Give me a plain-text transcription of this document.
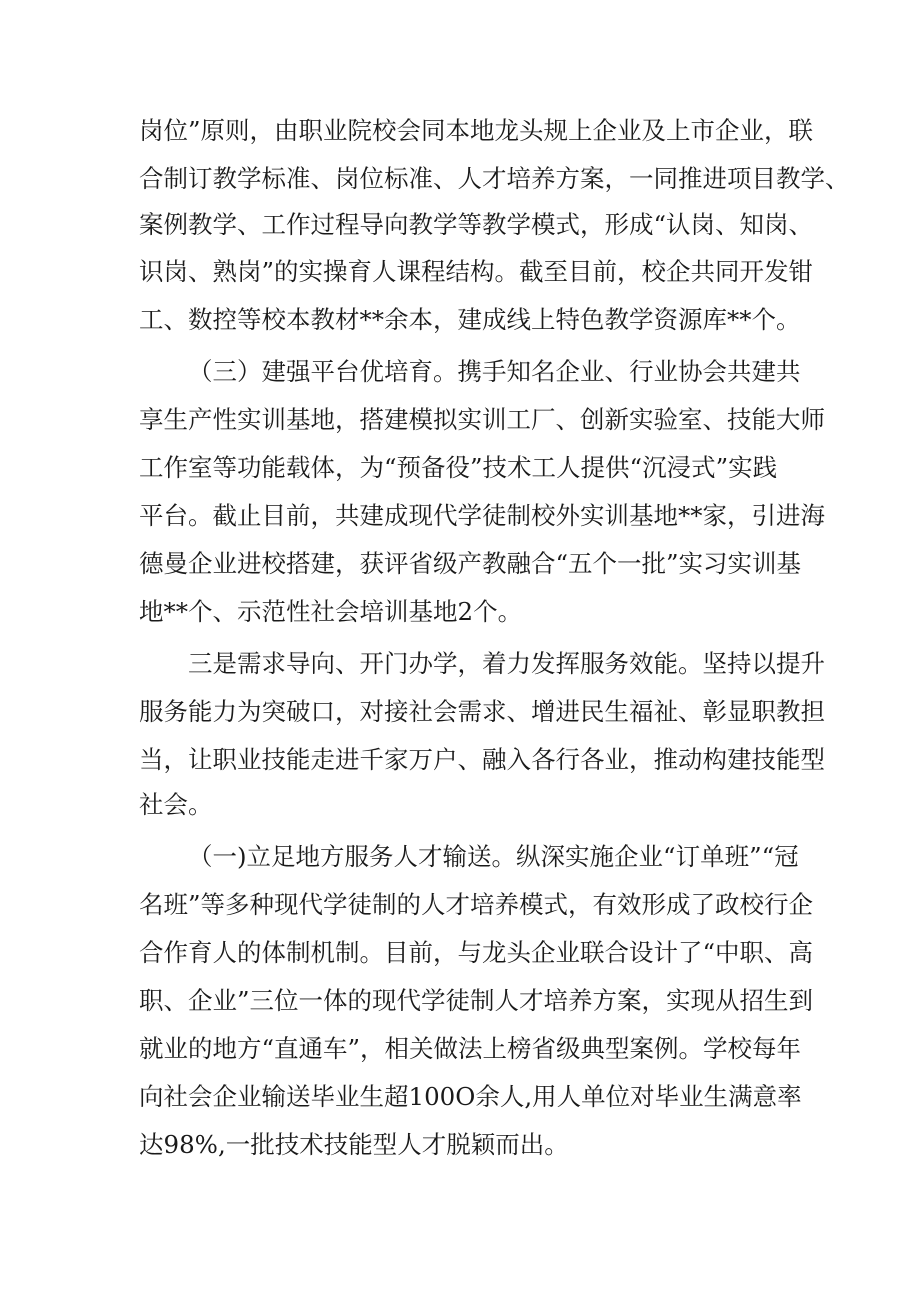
岗位”原则，由职业院校会同本地龙头规上企业及上市企业，联

合制订教学标准、岗位标准、人才培养方案，一同推进项目教学、

案例教学、工作过程导向教学等教学模式，形成“认岗、知岗、

识岗、熟岗”的实操育人课程结构。截至目前，校企共同开发钳

工、数控等校本教材**余本，建成线上特色教学资源库**个。

（三）建强平台优培育。携手知名企业、行业协会共建共

享生产性实训基地，搭建模拟实训工厂、创新实验室、技能大师

工作室等功能载体，为“预备役”技术工人提供“沉浸式”实践

平台。截止目前，共建成现代学徒制校外实训基地**家，引进海

德曼企业进校搭建，获评省级产教融合“五个一批”实习实训基

地**个、示范性社会培训基地2个。

三是需求导向、开门办学，着力发挥服务效能。坚持以提升

服务能力为突破口，对接社会需求、增进民生福祉、彰显职教担

当，让职业技能走进千家万户、融入各行各业，推动构建技能型

社会。

（一)立足地方服务人才输送。纵深实施企业“订单班”“冠

名班”等多种现代学徒制的人才培养模式，有效形成了政校行企

合作育人的体制机制。目前，与龙头企业联合设计了“中职、高

职、企业”三位一体的现代学徒制人才培养方案，实现从招生到

就业的地方“直通车”，相关做法上榜省级典型案例。学校每年

向社会企业输送毕业生超100O余人,用人单位对毕业生满意率

达98%,一批技术技能型人才脱颖而出。
